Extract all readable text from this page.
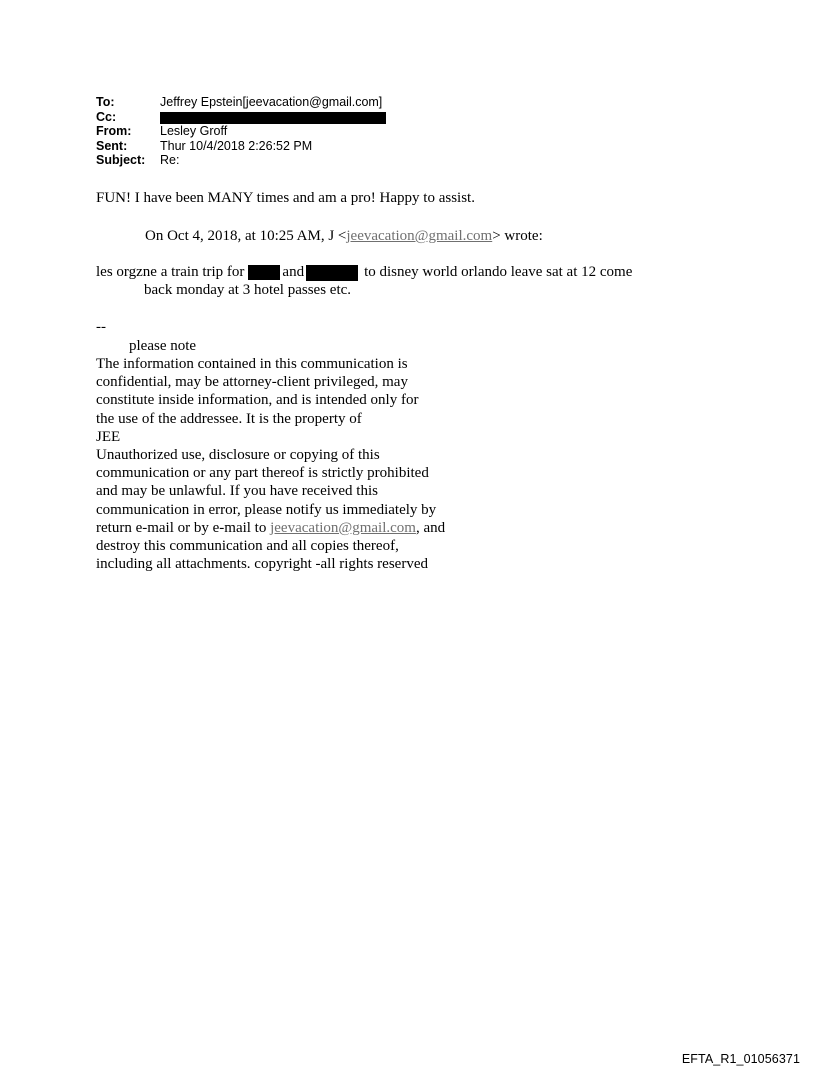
To:	Jeffrey Epstein[jeevacation@gmail.com]
Cc:
From:	Lesley Groff
Sent:	Thur 10/4/2018 2:26:52 PM
Subject:	Re:
FUN! I have been MANY times and am a pro! Happy to assist.
On Oct 4, 2018, at 10:25 AM, J <jeevacation@gmail.com> wrote:
les orgzne a train trip for	and	to disney world orlando leave sat at 12 come
back monday at 3 hotel passes etc.
--
please note
The information contained in this communication is
confidential, may be attorney-client privileged, may
constitute inside information, and is intended only for
the use of the addressee. It is the property of
JEE
Unauthorized use, disclosure or copying of this
communication or any part thereof is strictly prohibited
and may be unlawful. If you have received this
communication in error, please notify us immediately by
return e-mail or by e-mail to jeevacation@gmail.com, and
destroy this communication and all copies thereof,
including all attachments. copyright -all rights reserved
EFTA_R1_01056371
